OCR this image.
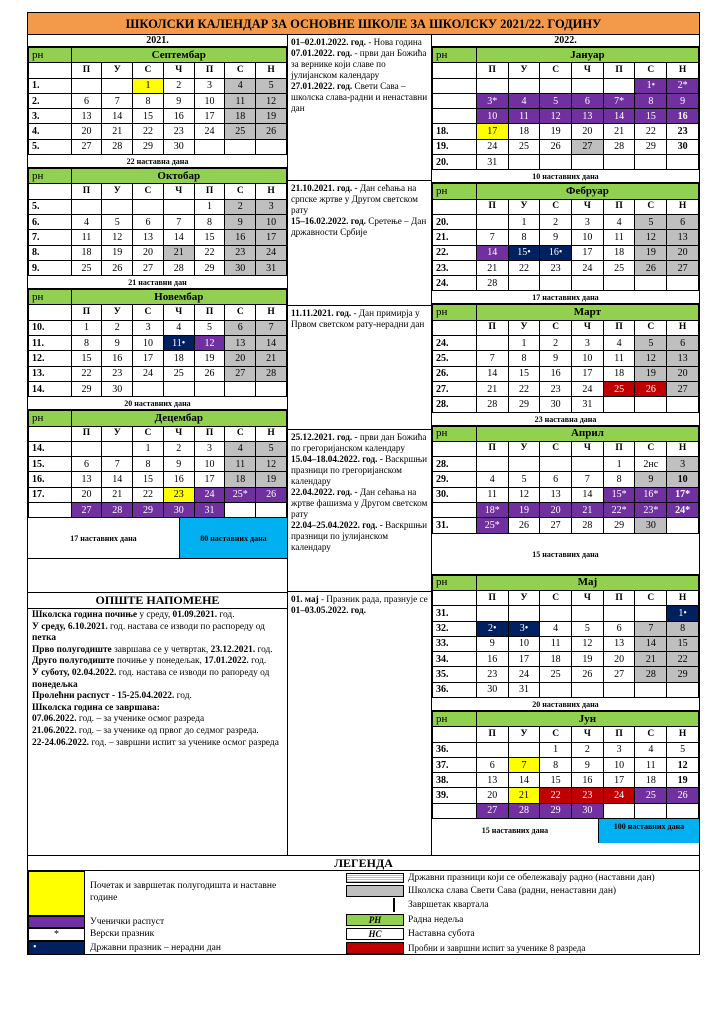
ШКОЛСКИ КАЛЕНДАР ЗА ОСНОВНЕ ШКОЛЕ ЗА ШКОЛСКУ 2021/22. ГОДИНУ
2021.
рн	Септембар						
	П	У	С	Ч	П	С	Н
1.			1	2	3	4	5
2.	6	7	8	9	10	11	12
3.	13	14	15	16	17	18	19
4.	20	21	22	23	24	25	26
5.	27	28	29	30			
22 наставна дана
рн	Октобар						
	П	У	С	Ч	П	С	Н
5.					1	2	3
6.	4	5	6	7	8	9	10
7.	11	12	13	14	15	16	17
8.	18	19	20	21	22	23	24
9.	25	26	27	28	29	30	31
21 наставни дан
рн	Новембар						
	П	У	С	Ч	П	С	Н
10.	1	2	3	4	5	6	7
11.	8	9	10	11•	12	13	14
12.	15	16	17	18	19	20	21
13.	22	23	24	25	26	27	28
14.	29	30					
20 наставних дана
рн	Децембар						
	П	У	С	Ч	П	С	Н
14.			1	2	3	4	5
15.	6	7	8	9	10	11	12
16.	13	14	15	16	17	18	19
17.	20	21	22	23	24	25*	26
	27	28	29	30	31		
17 наставних дана	80 наставних дана
2022.
рн	Јануар						
	П	У	С	Ч	П	С	Н
						1•	2*
	3*	4	5	6	7*	8	9
	10	11	12	13	14	15	16
18.	17	18	19	20	21	22	23
19.	24	25	26	27	28	29	30
20.	31						
10 наставних дана
рн	Фебруар						
	П	У	С	Ч	П	С	Н
20.		1	2	3	4	5	6
21.	7	8	9	10	11	12	13
22.	14	15•	16•	17	18	19	20
23.	21	22	23	24	25	26	27
24.	28						
17 наставних дана
рн	Март						
	П	У	С	Ч	П	С	Н
24.		1	2	3	4	5	6
25.	7	8	9	10	11	12	13
26.	14	15	16	17	18	19	20
27.	21	22	23	24	25	26	27
28.	28	29	30	31			
23 наставна дана
рн	Април						
	П	У	С	Ч	П	С	Н
28.					1	2нс	3
29.	4	5	6	7	8	9	10
30.	11	12	13	14	15*	16*	17*
	18*	19	20	21	22*	23*	24*
31.	25*	26	27	28	29	30	
15 наставних дана
рн	Мај						
	П	У	С	Ч	П	С	Н
31.							1•
32.	2•	3•	4	5	6	7	8
33.	9	10	11	12	13	14	15
34.	16	17	18	19	20	21	22
35.	23	24	25	26	27	28	29
36.	30	31					
20 наставних дана
рн	Јун						
	П	У	С	Ч	П	С	Н
36.			1	2	3	4	5
37.	6	7	8	9	10	11	12
38.	13	14	15	16	17	18	19
39.	20	21	22	23	24	25	26
	27	28	29	30			
15 наставних дана	100 наставних дана
01–02.01.2022. год. - Нова година
07.01.2022. год. - први дан Божића за вернике који славе по јулијанском календару
27.01.2022. год. Свети Сава – школска слава-радни и ненаставни дан
21.10.2021. год. - Дан сећања на српске жртве у Другом светском рату
15–16.02.2022. год. Сретење – Дан државности Србије
11.11.2021. год. - Дан примирја у Првом светском рату-нерадни дан
25.12.2021. год. - први дан Божића по грегоријанском календару
15.04–18.04.2022. год. - Васкршњи празници по грегоријанском календару
22.04.2022. год. - Дан сећања на жртве фашизма у Другом светском рату
22.04–25.04.2022. год. - Васкршњи празници по јулијанском календару
01. мај - Празник рада, празнује се 01–03.05.2022. год.
ОПШТЕ НАПОМЕНЕ

Школска година почињe у среду, 01.09.2021. год.

У среду, 6.10.2021. год. настава се изводи по распореду од петка

Прво полугодиште завршава се у четвртак, 23.12.2021. год.

Друго полугодиште почиње у понедељак, 17.01.2022. год.

У суботу, 02.04.2022. год. настава се изводи по рапореду од понедељка

Пролећни распуст - 15-25.04.2022. год.

Школска година се завршава:

07.06.2022. год. – за ученике осмог разреда

21.06.2022. год. – за ученике од првог до седмог разреда.

22-24.06.2022. год. – завршни испит за ученике осмог разреда

ЛЕГЕНДА
Почетак и завршетак полугодишта и наставне године
Ученички распуст
*	Верски празник
•	Државни празник – нерадни дан
Државни празници који се обележавају радно (наставни дан)
Школска слава Свети Сава (радни, ненаставни дан)
Завршетак квартала
РН	Радна недеља
НС	Наставна субота
Пробни и завршни испит за ученике 8 разреда
